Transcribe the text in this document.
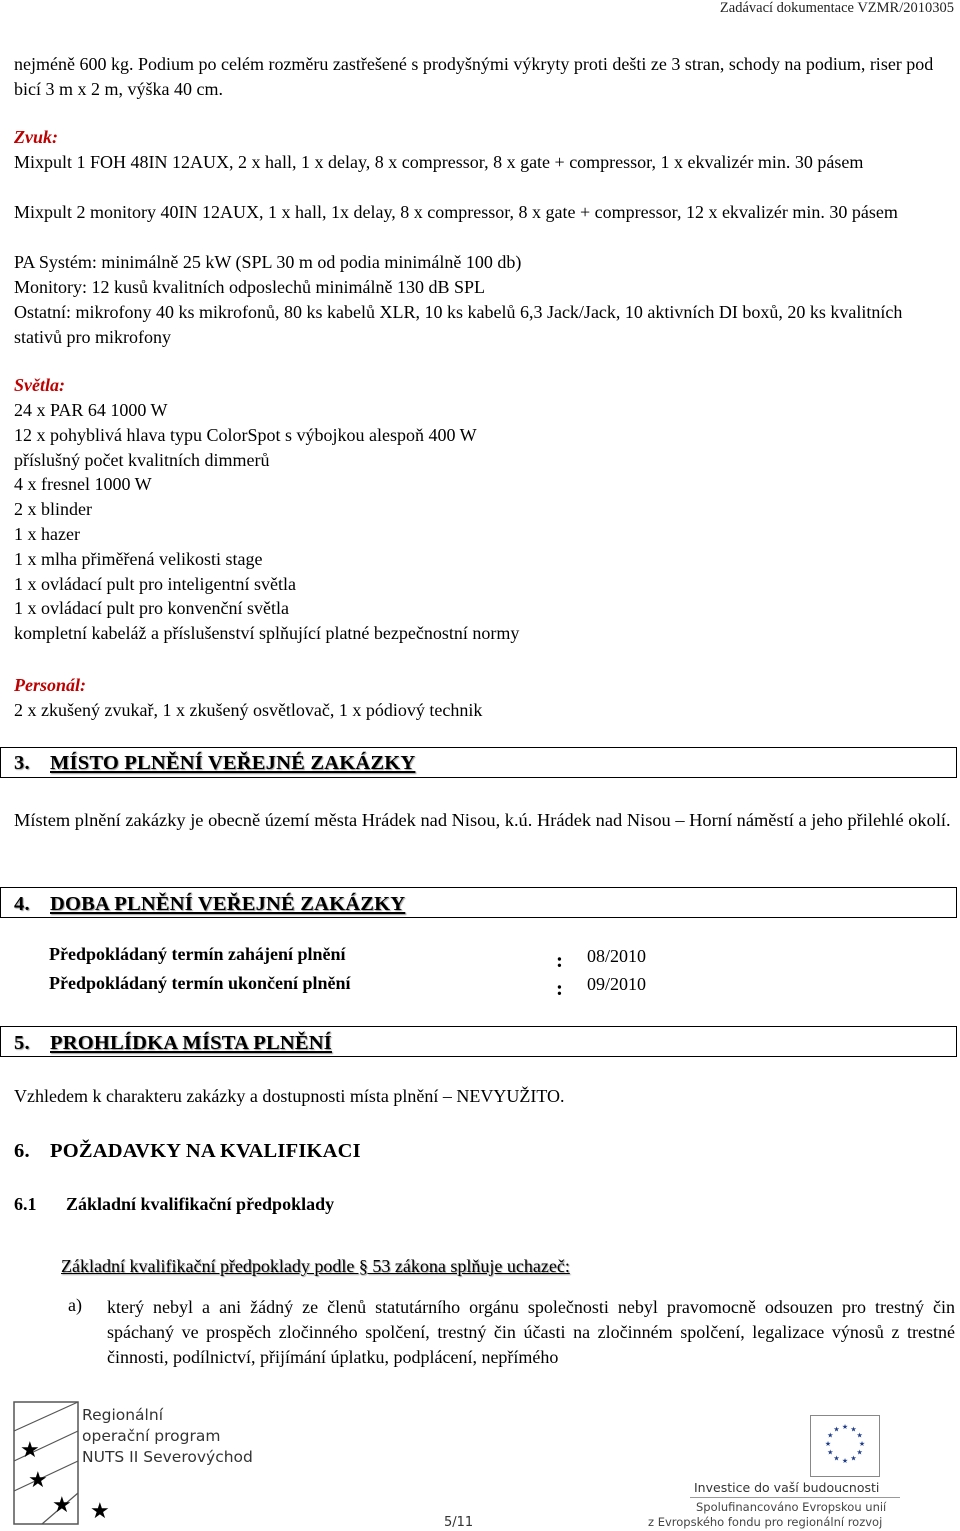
Zadávací dokumentace VZMR/2010305

nejméně 600 kg. Podium po celém rozměru zastřešené s prodyšnými výkryty proti dešti ze 3 stran, schody na podium, riser pod bicí 3 m x 2 m, výška 40 cm.

Zvuk:

Mixpult 1 FOH 48IN 12AUX, 2 x hall, 1 x delay, 8 x compressor, 8 x gate + compressor, 1 x ekvalizér min. 30 pásem

Mixpult 2 monitory 40IN 12AUX, 1 x hall, 1x delay, 8 x compressor, 8 x gate + compressor, 12 x ekvalizér min. 30 pásem

PA Systém: minimálně 25 kW (SPL 30 m od podia minimálně 100 db)

Monitory: 12 kusů kvalitních odposlechů minimálně 130 dB SPL

Ostatní: mikrofony 40 ks mikrofonů, 80 ks kabelů XLR, 10 ks kabelů 6,3 Jack/Jack, 10 aktivních DI boxů, 20 ks kvalitních stativů pro mikrofony

Světla:
24 x PAR 64 1000 W
12 x pohyblivá hlava typu ColorSpot s výbojkou alespoň 400 W
příslušný počet kvalitních dimmerů
4 x fresnel 1000 W
2 x blinder
1 x hazer
1 x mlha přiměřená velikosti stage
1 x ovládací pult pro inteligentní světla
1 x ovládací pult pro konvenční světla
kompletní kabeláž a příslušenství splňující platné bezpečnostní normy
Personál:

2 x zkušený zvukař, 1 x zkušený osvětlovač, 1 x pódiový technik

3. MÍSTO PLNĚNÍ VEŘEJNÉ ZAKÁZKY

Místem plnění zakázky je obecně území města Hrádek nad Nisou, k.ú. Hrádek nad Nisou – Horní náměstí a jeho přilehlé okolí.

4. DOBA PLNĚNÍ VEŘEJNÉ ZAKÁZKY
Předpokládaný termín zahájení plnění	: 08/2010
Předpokládaný termín ukončení plnění	: 09/2010
5. PROHLÍDKA MÍSTA PLNĚNÍ

Vzhledem k charakteru zakázky a dostupnosti místa plnění – NEVYUŽITO.

6. POŽADAVKY NA KVALIFIKACI
6.1 Základní kvalifikační předpoklady
Základní kvalifikační předpoklady podle § 53 zákona splňuje uchazeč:
a) který nebyl a ani žádný ze členů statutárního orgánu společnosti nebyl pravomocně odsouzen pro trestný čin spáchaný ve prospěch zločinného spolčení, trestný čin účasti na zločinném spolčení, legalizace výnosů z trestné činnosti, podílnictví, přijímání úplatku, podplácení, nepřímého

★
★
★ ★
Regionální
operační program
NUTS II Severovýchod
5/11
★ ★
★
★
★
★
★
★
★
★
★
★
Investice do vaší budoucnosti
Spolufinancováno Evropskou unií
z Evropského fondu pro regionální rozvoj
